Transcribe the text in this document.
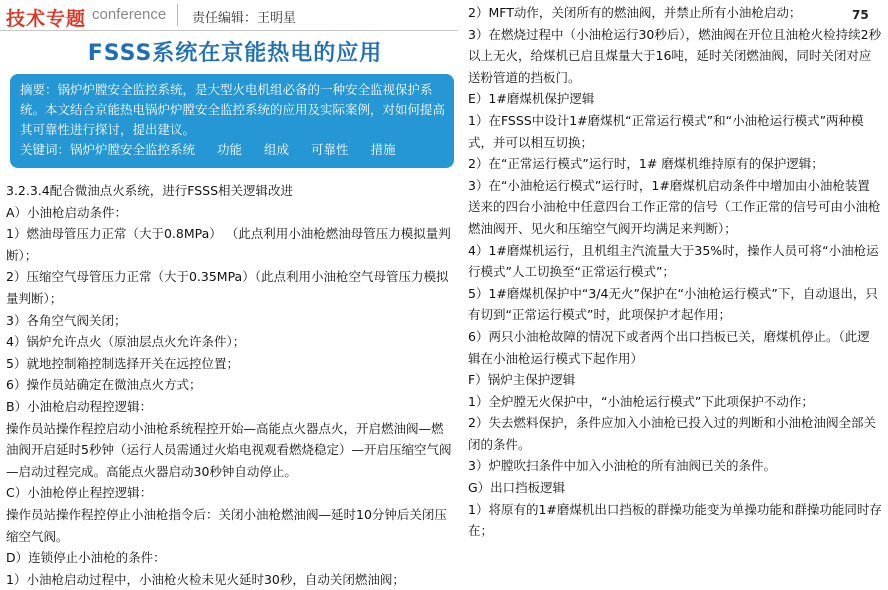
技术专题 conference 责任编辑：王明星	75
FSSS系统在京能热电的应用

摘要：锅炉炉膛安全监控系统，是大型火电机组必备的一种安全监视保护系统。本文结合京能热电锅炉炉膛安全监控系统的应用及实际案例，对如何提高其可靠性进行探讨，提出建议。

关键词：锅炉炉膛安全监控系统 功能 组成 可靠性 措施

3.2.3.4配合微油点火系统，进行FSSS相关逻辑改进

A）小油枪启动条件：

1）燃油母管压力正常（大于0.8MPa） （此点利用小油枪燃油母管压力模拟量判断）；

2）压缩空气母管压力正常（大于0.35MPa）（此点利用小油枪空气母管压力模拟量判断）；

3）各角空气阀关闭；

4）锅炉允许点火（原油层点火允许条件）；

5）就地控制箱控制选择开关在远控位置；

6）操作员站确定在微油点火方式；

B）小油枪启动程控逻辑：

操作员站操作程控启动小油枪系统程控开始—高能点火器点火，开启燃油阀—燃油阀开启延时5秒钟（运行人员需通过火焰电视观看燃烧稳定）—开启压缩空气阀—启动过程完成。高能点火器启动30秒钟自动停止。

C）小油枪停止程控逻辑：

操作员站操作程控停止小油枪指令后：关闭小油枪燃油阀—延时10分钟后关闭压缩空气阀。

D）连锁停止小油枪的条件：

1）小油枪启动过程中，小油枪火检未见火延时30秒，自动关闭燃油阀；

2）MFT动作，关闭所有的燃油阀，并禁止所有小油枪启动；

3）在燃烧过程中（小油枪运行30秒后），燃油阀在开位且油枪火检持续2秒以上无火，给煤机已启且煤量大于16吨，延时关闭燃油阀，同时关闭对应送粉管道的挡板门。

E）1#磨煤机保护逻辑

1）在FSSS中设计1#磨煤机“正常运行模式”和“小油枪运行模式”两种模式，并可以相互切换；

2）在“正常运行模式”运行时，1# 磨煤机维持原有的保护逻辑；

3）在“小油枪运行模式”运行时，1#磨煤机启动条件中增加由小油枪装置送来的四台小油枪中任意四台工作正常的信号（工作正常的信号可由小油枪燃油阀开、见火和压缩空气阀开均满足来判断）；

4）1#磨煤机运行，且机组主汽流量大于35%时，操作人员可将“小油枪运行模式”人工切换至“正常运行模式”；

5）1#磨煤机保护中“3/4无火”保护在“小油枪运行模式”下，自动退出，只有切到“正常运行模式”时，此项保护才起作用；

6）两只小油枪故障的情况下或者两个出口挡板已关，磨煤机停止。（此逻辑在小油枪运行模式下起作用）

F）锅炉主保护逻辑

1）全炉膛无火保护中，“小油枪运行模式”下此项保护不动作；

2）失去燃料保护，条件应加入小油枪已投入过的判断和小油枪油阀全部关闭的条件。

3）炉膛吹扫条件中加入小油枪的所有油阀已关的条件。

G）出口挡板逻辑

1）将原有的1#磨煤机出口挡板的群操功能变为单操功能和群操功能同时存在；
